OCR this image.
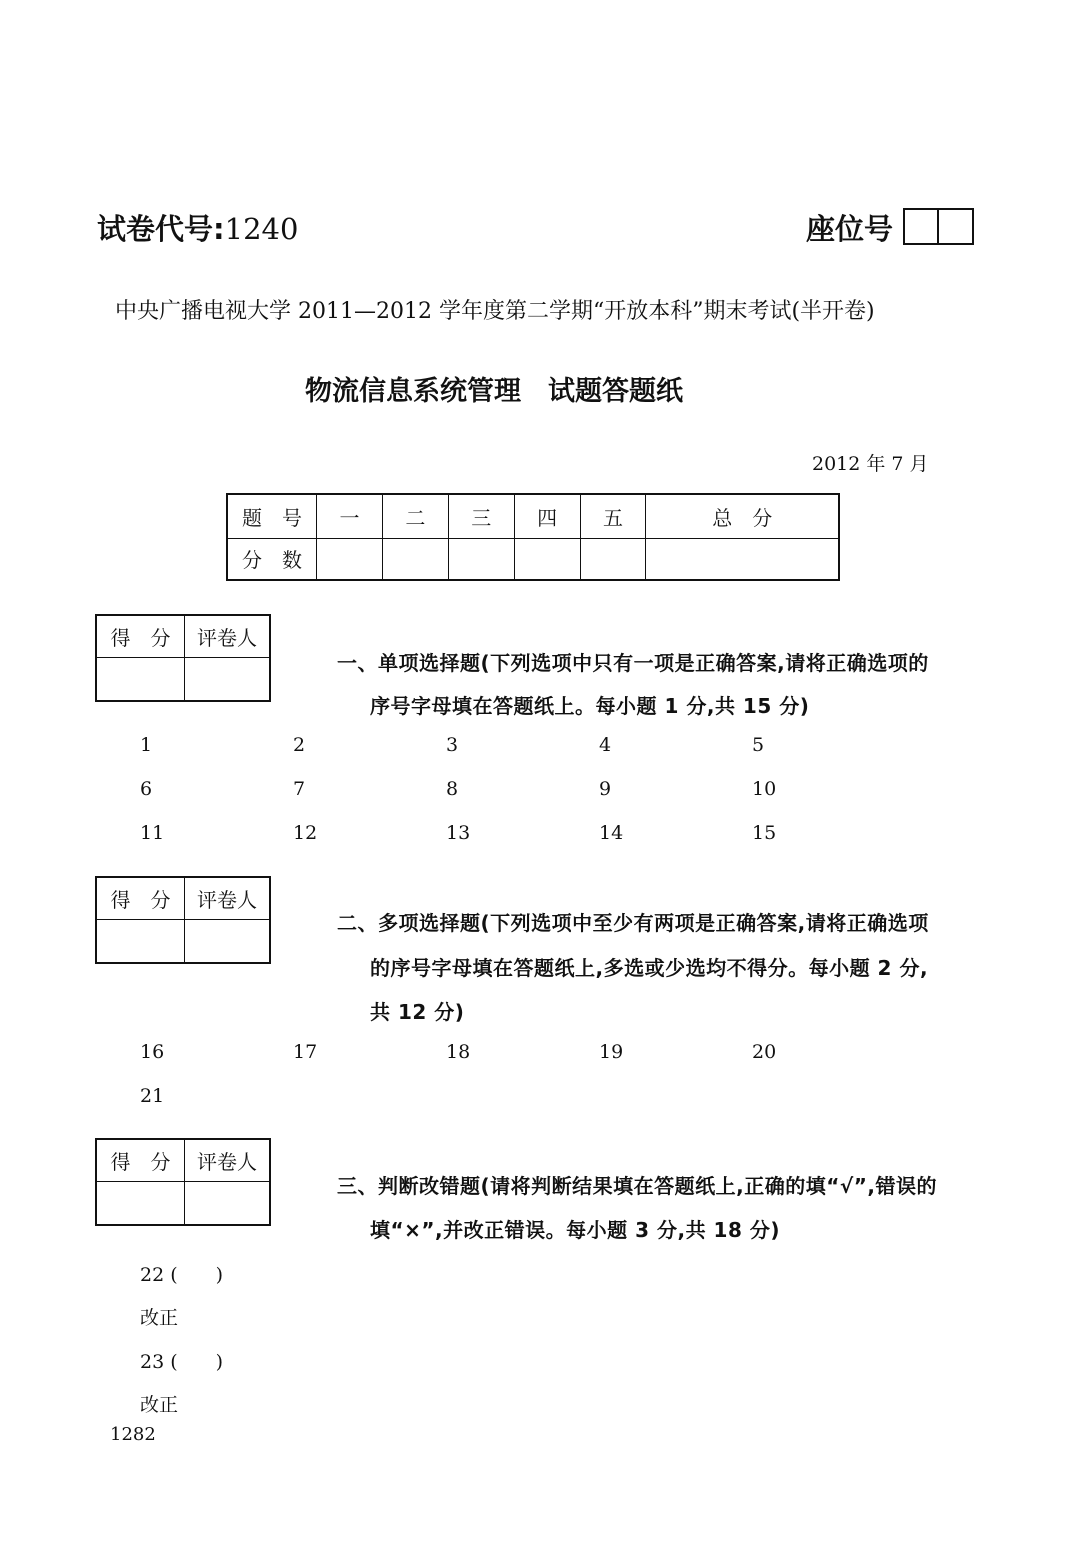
试卷代号:1240	座位号
中央广播电视大学 2011—2012 学年度第二学期“开放本科”期末考试(半开卷)
物流信息系统管理　试题答题纸
2012 年 7 月
题　号	一	二	三	四	五	总　分
分　数						
得　分	评卷人

一、单项选择题(下列选项中只有一项是正确答案,请将正确选项的
序号字母填在答题纸上。每小题 1 分,共 15 分)
1	2	3	4	5
6	7	8	9	10
11	12	13	14	15
得　分	评卷人

二、多项选择题(下列选项中至少有两项是正确答案,请将正确选项
的序号字母填在答题纸上,多选或少选均不得分。每小题 2 分,
共 12 分)
16	17	18	19	20
21
得　分	评卷人

三、判断改错题(请将判断结果填在答题纸上,正确的填“√”,错误的
填“×”,并改正错误。每小题 3 分,共 18 分)
22 (　　)
改正
23 (　　)
改正
1282
